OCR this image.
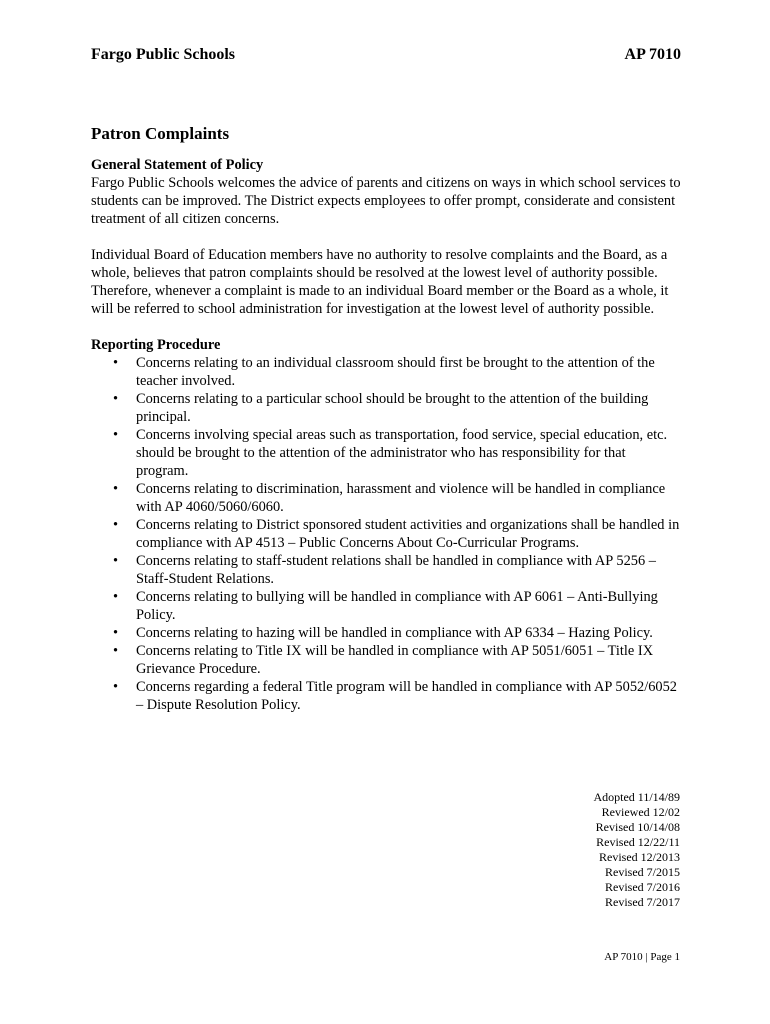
Fargo Public Schools	AP 7010
Patron Complaints

General Statement of Policy

Fargo Public Schools welcomes the advice of parents and citizens on ways in which school services to students can be improved. The District expects employees to offer prompt, considerate and consistent treatment of all citizen concerns.

Individual Board of Education members have no authority to resolve complaints and the Board, as a whole, believes that patron complaints should be resolved at the lowest level of authority possible. Therefore, whenever a complaint is made to an individual Board member or the Board as a whole, it will be referred to school administration for investigation at the lowest level of authority possible.

Reporting Procedure

• Concerns relating to an individual classroom should first be brought to the attention of the teacher involved.
• Concerns relating to a particular school should be brought to the attention of the building principal.
• Concerns involving special areas such as transportation, food service, special education, etc. should be brought to the attention of the administrator who has responsibility for that program.
• Concerns relating to discrimination, harassment and violence will be handled in compliance with AP 4060/5060/6060.
• Concerns relating to District sponsored student activities and organizations shall be handled in compliance with AP 4513 – Public Concerns About Co-Curricular Programs.
• Concerns relating to staff-student relations shall be handled in compliance with AP 5256 – Staff-Student Relations.
• Concerns relating to bullying will be handled in compliance with AP 6061 – Anti-Bullying Policy.
• Concerns relating to hazing will be handled in compliance with AP 6334 – Hazing Policy.
• Concerns relating to Title IX will be handled in compliance with AP 5051/6051 – Title IX Grievance Procedure.
• Concerns regarding a federal Title program will be handled in compliance with AP 5052/6052 – Dispute Resolution Policy.
Adopted 11/14/89
Reviewed 12/02
Revised 10/14/08
Revised 12/22/11
Revised 12/2013
Revised 7/2015
Revised 7/2016
Revised 7/2017
AP 7010 | Page 1
